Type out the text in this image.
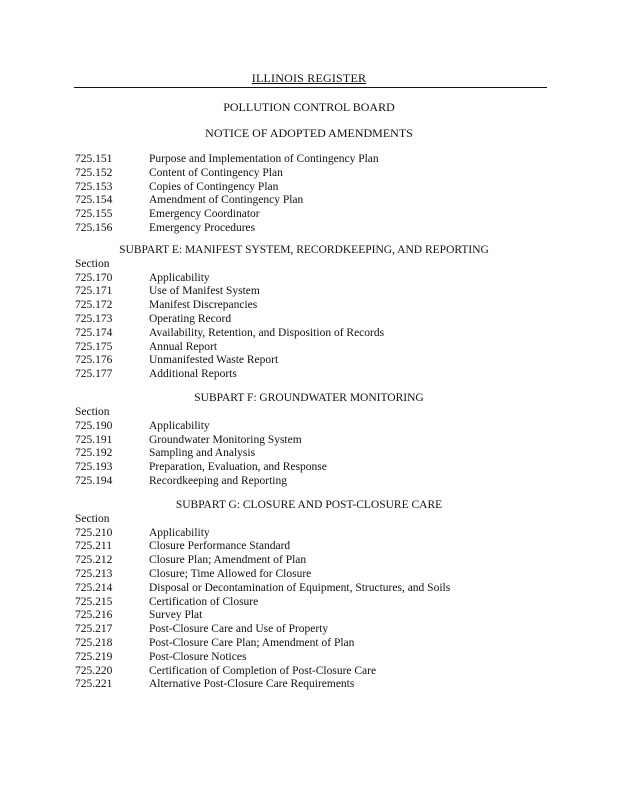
ILLINOIS REGISTER
POLLUTION CONTROL BOARD
NOTICE OF ADOPTED AMENDMENTS
725.151	Purpose and Implementation of Contingency Plan
725.152	Content of Contingency Plan
725.153	Copies of Contingency Plan
725.154	Amendment of Contingency Plan
725.155	Emergency Coordinator
725.156	Emergency Procedures
SUBPART E: MANIFEST SYSTEM, RECORDKEEPING, AND REPORTING
Section
725.170	Applicability
725.171	Use of Manifest System
725.172	Manifest Discrepancies
725.173	Operating Record
725.174	Availability, Retention, and Disposition of Records
725.175	Annual Report
725.176	Unmanifested Waste Report
725.177	Additional Reports
SUBPART F: GROUNDWATER MONITORING
Section
725.190	Applicability
725.191	Groundwater Monitoring System
725.192	Sampling and Analysis
725.193	Preparation, Evaluation, and Response
725.194	Recordkeeping and Reporting
SUBPART G: CLOSURE AND POST-CLOSURE CARE
Section
725.210	Applicability
725.211	Closure Performance Standard
725.212	Closure Plan; Amendment of Plan
725.213	Closure; Time Allowed for Closure
725.214	Disposal or Decontamination of Equipment, Structures, and Soils
725.215	Certification of Closure
725.216	Survey Plat
725.217	Post-Closure Care and Use of Property
725.218	Post-Closure Care Plan; Amendment of Plan
725.219	Post-Closure Notices
725.220	Certification of Completion of Post-Closure Care
725.221	Alternative Post-Closure Care Requirements
